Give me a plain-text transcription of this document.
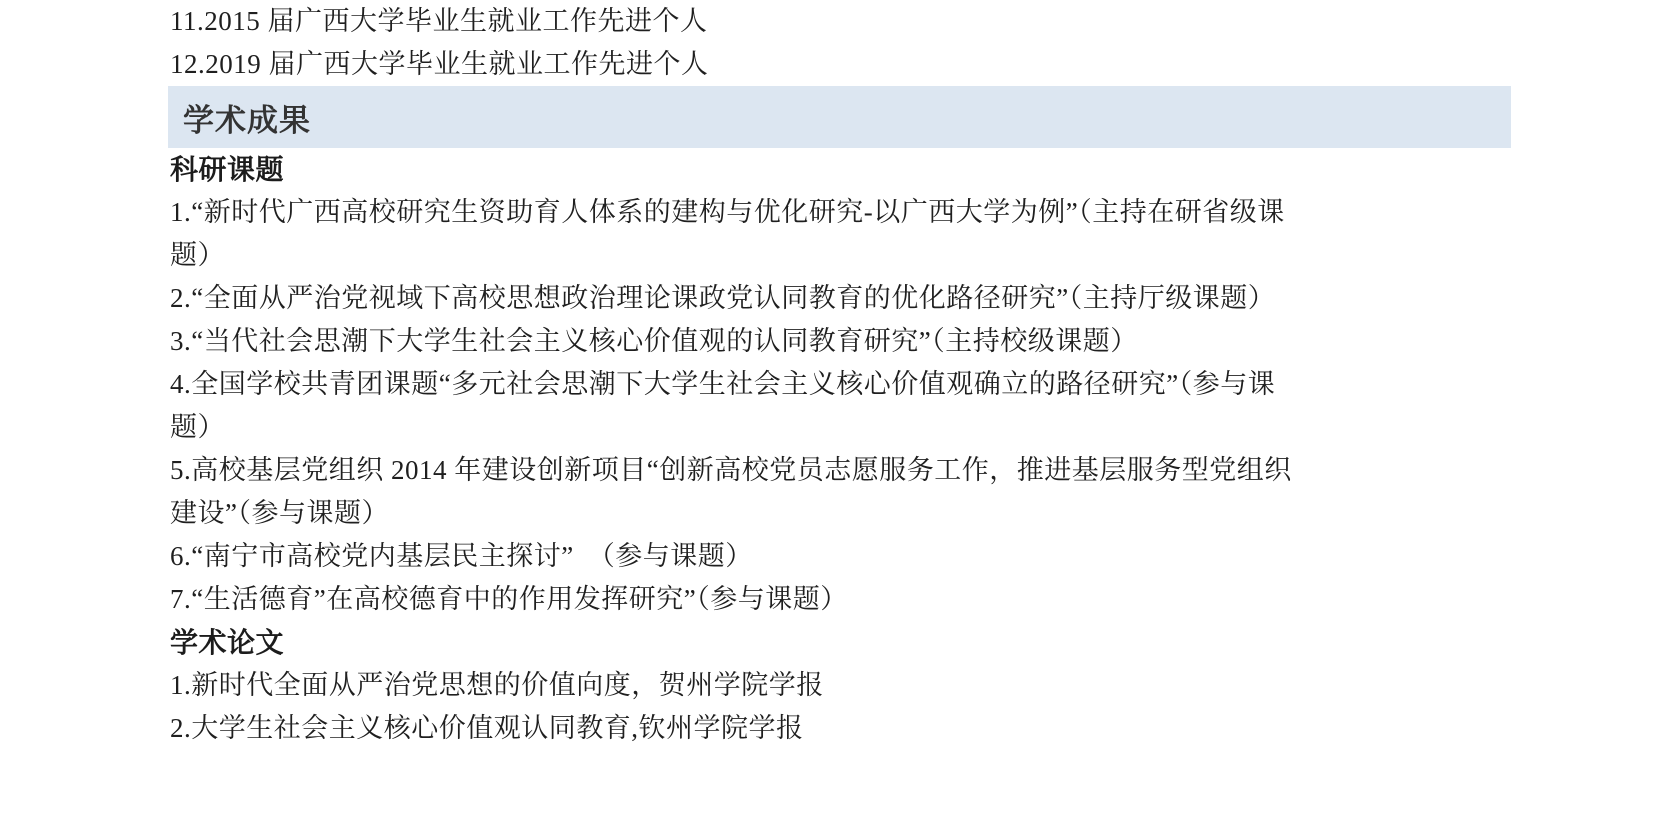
11.2015 届广西大学毕业生就业工作先进个人
12.2019 届广西大学毕业生就业工作先进个人
学术成果
科研课题
1.“新时代广西高校研究生资助育人体系的建构与优化研究-以广西大学为例”（主持在研省级课
题）
2.“全面从严治党视域下高校思想政治理论课政党认同教育的优化路径研究”（主持厅级课题）
3.“当代社会思潮下大学生社会主义核心价值观的认同教育研究”（主持校级课题）
4.全国学校共青团课题“多元社会思潮下大学生社会主义核心价值观确立的路径研究”（参与课
题）
5.高校基层党组织 2014 年建设创新项目“创新高校党员志愿服务工作，推进基层服务型党组织
建设”（参与课题）
6.“南宁市高校党内基层民主探讨”　（参与课题）
7.“生活德育”在高校德育中的作用发挥研究”（参与课题）
学术论文
1.新时代全面从严治党思想的价值向度，贺州学院学报
2.大学生社会主义核心价值观认同教育,钦州学院学报
